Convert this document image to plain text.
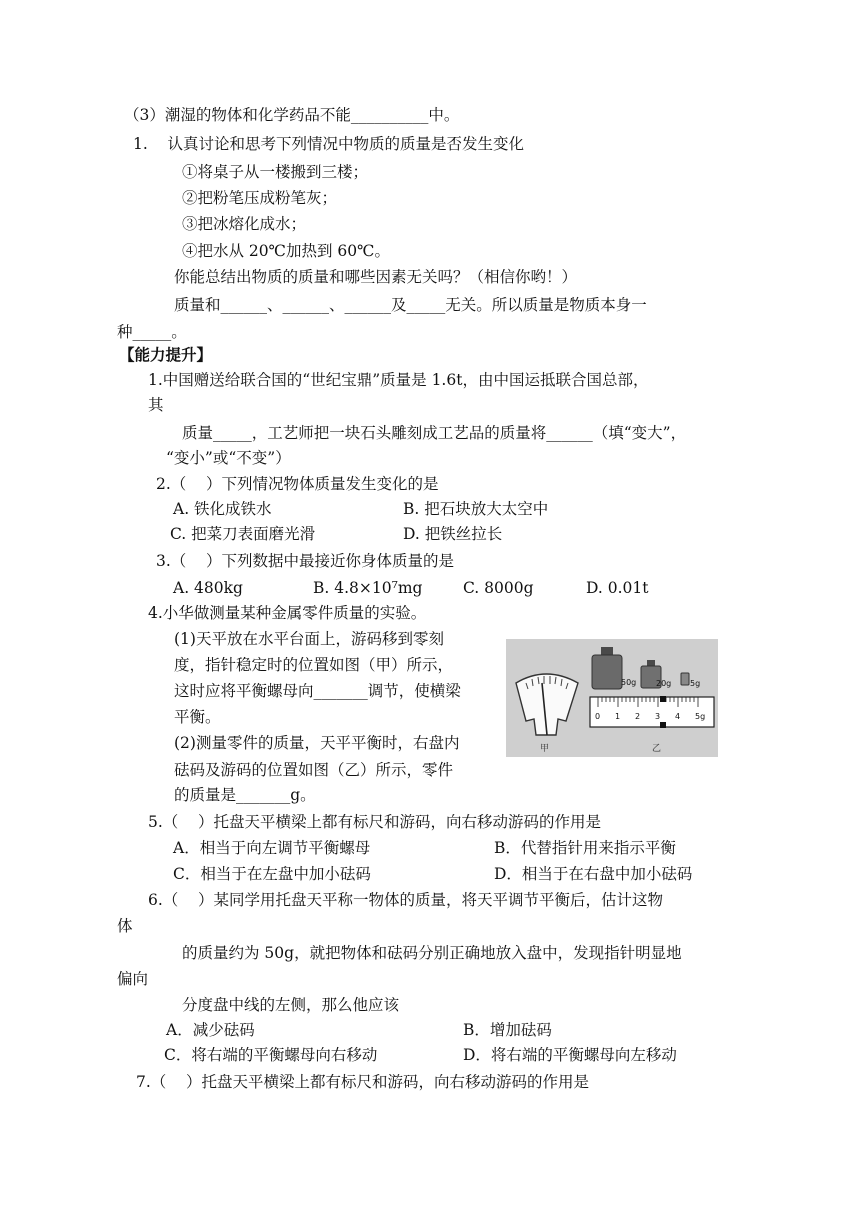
（3）潮湿的物体和化学药品不能__________中。
1.    认真讨论和思考下列情况中物质的质量是否发生变化
①将桌子从一楼搬到三楼；
②把粉笔压成粉笔灰；
③把冰熔化成水；
④把水从 20℃加热到 60℃。
你能总结出物质的质量和哪些因素无关吗？（相信你哟！）
质量和______、______、______及_____无关。所以质量是物质本身一
种_____。
【能力提升】
1.中国赠送给联合国的“世纪宝鼎”质量是 1.6t，由中国运抵联合国总部，
其
质量_____，工艺师把一块石头雕刻成工艺品的质量将______（填“变大”，
“变小”或“不变”）
2.（    ）下列情况物体质量发生变化的是
A. 铁化成铁水	B. 把石块放大太空中
C. 把菜刀表面磨光滑	D. 把铁丝拉长
3.（    ）下列数据中最接近你身体质量的是
A. 480kg	B. 4.8×10⁷mg	C. 8000g	D. 0.01t
4.小华做测量某种金属零件质量的实验。
(1)天平放在水平台面上，游码移到零刻
度，指针稳定时的位置如图（甲）所示，
这时应将平衡螺母向_______调节，使横梁
平衡。
(2)测量零件的质量，天平平衡时，右盘内
砝码及游码的位置如图（乙）所示，零件
的质量是_______g。
5.（    ）托盘天平横梁上都有标尺和游码，向右移动游码的作用是
A．相当于向左调节平衡螺母	B．代替指针用来指示平衡
C．相当于在左盘中加小砝码	D．相当于在右盘中加小砝码
6.（    ）某同学用托盘天平称一物体的质量，将天平调节平衡后，估计这物
体
的质量约为 50g，就把物体和砝码分别正确地放入盘中，发现指针明显地
偏向
分度盘中线的左侧，那么他应该
A．减少砝码	B．增加砝码
C．将右端的平衡螺母向右移动	D．将右端的平衡螺母向左移动
7.（    ）托盘天平横梁上都有标尺和游码，向右移动游码的作用是
甲
50g 20g 5g
0 1 2 3 4 5g
乙
